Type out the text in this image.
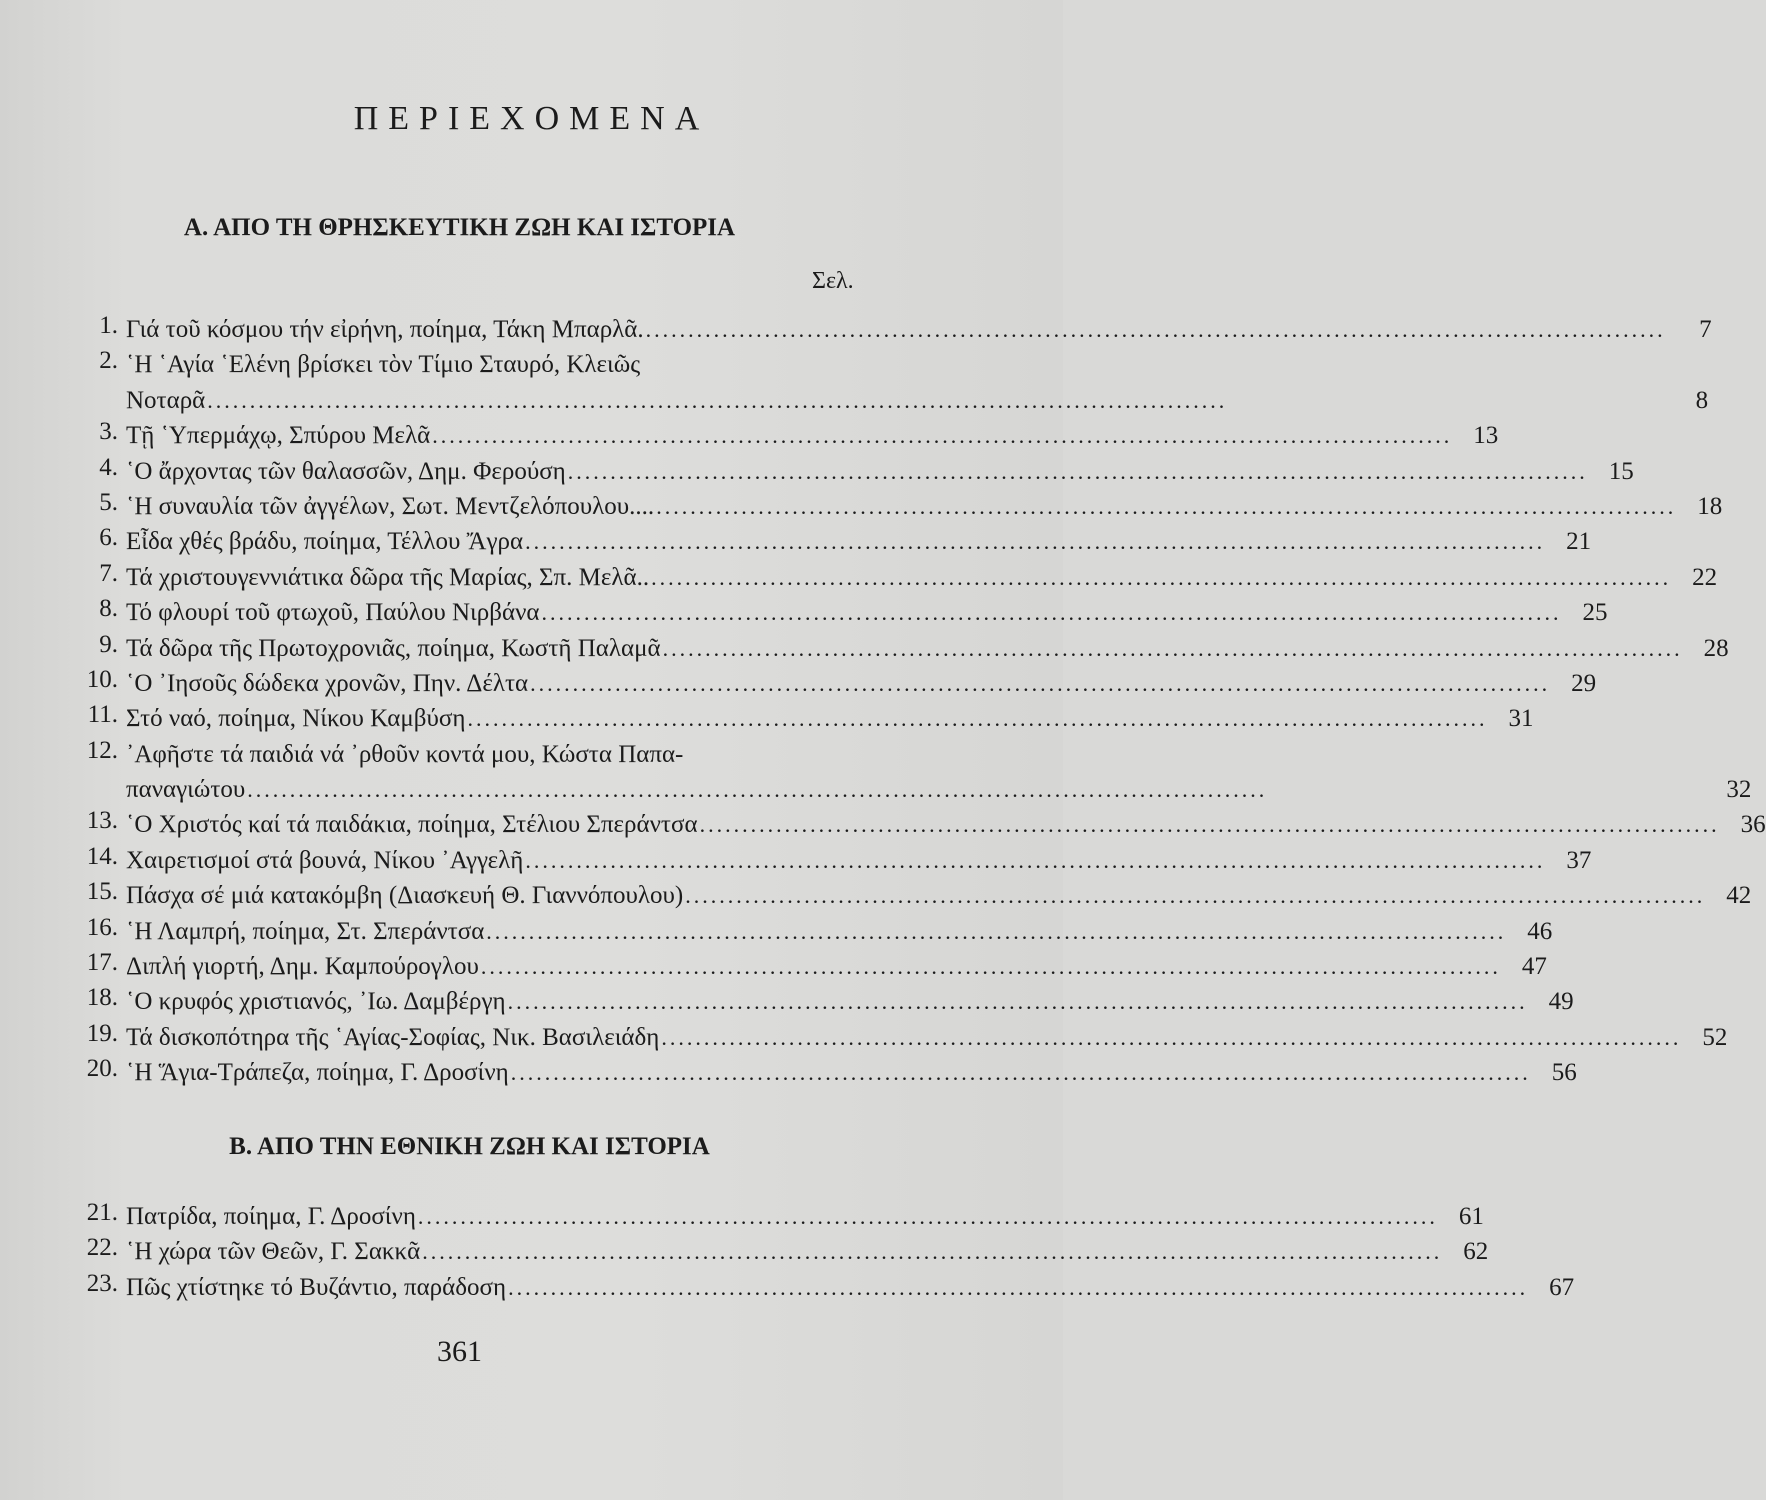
ΠΕΡΙΕΧΟΜΕΝΑ
Α. ΑΠΟ ΤΗ ΘΡΗΣΚΕΥΤΙΚΗ ΖΩΗ ΚΑΙ ΙΣΤΟΡΙΑ
Σελ.
1. Γιά τοῦ κόσμου τήν εἰρήνη, ποίημα, Τάκη Μπαρλᾶ. ........................................................................................................................	7
2. ῾Η ῾Αγία ῾Ελένη βρίσκει τὸν Τίμιο Σταυρό, Κλειῶς
Νοταρᾶ ........................................................................................................................	8
3. Τῇ ῾Υπερμάχῳ, Σπύρου Μελᾶ ........................................................................................................................ 13
4. ῾Ο ἄρχοντας τῶν θαλασσῶν, Δημ. Φερούση ........................................................................................................................ 15
5. ῾Η συναυλία τῶν ἀγγέλων, Σωτ. Μεντζελόπουλου.... ........................................................................................................................ 18
6. Εἶδα χθές βράδυ, ποίημα, Τέλλου Ἄγρα ........................................................................................................................ 21
7. Τά χριστουγεννιάτικα δῶρα τῆς Μαρίας, Σπ. Μελᾶ.. ........................................................................................................................ 22
8. Τό φλουρί τοῦ φτωχοῦ, Παύλου Νιρβάνα ........................................................................................................................ 25
9. Τά δῶρα τῆς Πρωτοχρονιᾶς, ποίημα, Κωστῆ Παλαμᾶ ........................................................................................................................ 28
10. ῾Ο ᾿Ιησοῦς δώδεκα χρονῶν, Πην. Δέλτα ........................................................................................................................ 29
11. Στό ναό, ποίημα, Νίκου Καμβύση ........................................................................................................................ 31
12. ᾿Αφῆστε τά παιδιά νά ᾿ρθοῦν κοντά μου, Κώστα Παπα-
παναγιώτου ........................................................................................................................	32
13. ῾Ο Χριστός καί τά παιδάκια, ποίημα, Στέλιου Σπεράντσα ........................................................................................................................ 36
14. Χαιρετισμοί στά βουνά, Νίκου ᾿Αγγελῆ ........................................................................................................................ 37
15. Πάσχα σέ μιά κατακόμβη (Διασκευή Θ. Γιαννόπουλου) ........................................................................................................................ 42
16. ῾Η Λαμπρή, ποίημα, Στ. Σπεράντσα ........................................................................................................................ 46
17. Διπλή γιορτή, Δημ. Καμπούρογλου ........................................................................................................................ 47
18. ῾Ο κρυφός χριστιανός, ᾿Ιω. Δαμβέργη ........................................................................................................................ 49
19. Τά δισκοπότηρα τῆς ῾Αγίας-Σοφίας, Νικ. Βασιλειάδη ........................................................................................................................ 52
20. ῾Η Ἅγια-Τράπεζα, ποίημα, Γ. Δροσίνη ........................................................................................................................ 56
Β. ΑΠΟ ΤΗΝ ΕΘΝΙΚΗ ΖΩΗ ΚΑΙ ΙΣΤΟΡΙΑ
21. Πατρίδα, ποίημα, Γ. Δροσίνη ........................................................................................................................ 61
22. ῾Η χώρα τῶν Θεῶν, Γ. Σακκᾶ ........................................................................................................................ 62
23. Πῶς χτίστηκε τό Βυζάντιο, παράδοση ........................................................................................................................ 67
361
